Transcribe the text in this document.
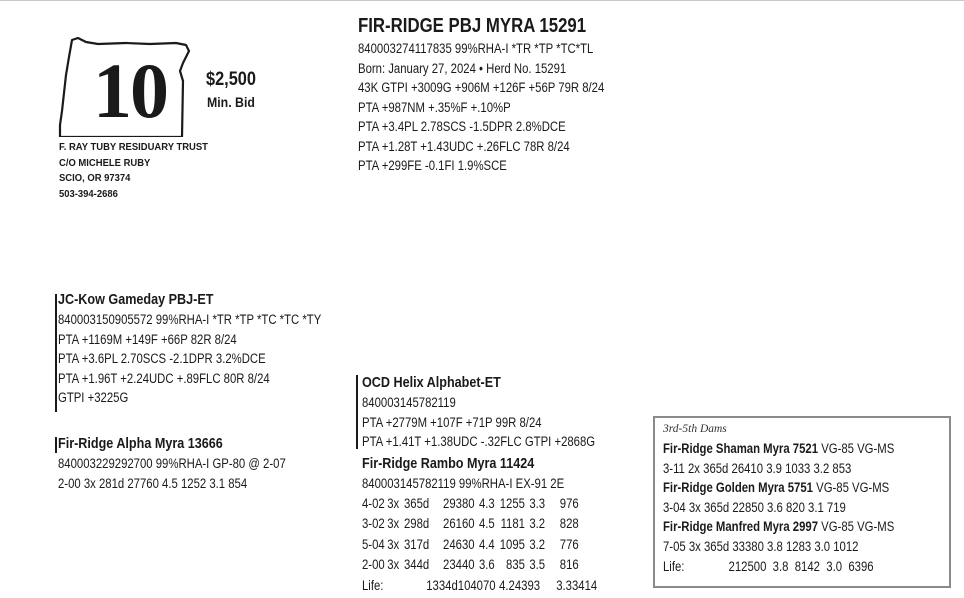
10	$2,500
Min. Bid
F. RAY TUBY RESIDUARY TRUST
C/O MICHELE RUBY
SCIO, OR 97374
503-394-2686
FIR-RIDGE PBJ MYRA 15291
840003274117835 99%RHA-I *TR *TP *TC*TL
Born: January 27, 2024 • Herd No. 15291
43K GTPI +3009G +906M +126F +56P 79R 8/24
PTA +987NM +.35%F +.10%P
PTA +3.4PL 2.78SCS -1.5DPR 2.8%DCE
PTA +1.28T +1.43UDC +.26FLC 78R 8/24
PTA +299FE -0.1FI 1.9%SCE
JC-Kow Gameday PBJ-ET
840003150905572 99%RHA-I *TR *TP *TC *TC *TY
PTA +1169M +149F +66P 82R 8/24
PTA +3.6PL 2.70SCS -2.1DPR 3.2%DCE
PTA +1.96T +2.24UDC +.89FLC 80R 8/24
GTPI +3225G
Fir-Ridge Alpha Myra 13666
840003229292700 99%RHA-I GP-80 @ 2-07
2-00 3x 281d 27760 4.5 1252 3.1 854
OCD Helix Alphabet-ET
840003145782119
PTA +2779M +107F +71P 99R 8/24
PTA +1.41T +1.38UDC -.32FLC GTPI +2868G
Fir-Ridge Rambo Myra 11424
840003145782119 99%RHA-I EX-91 2E
4-02 3x 365d	29380 4.3 1255 3.3	976
3-02 3x 298d	26160 4.5 1181 3.2	828
5-04 3x 317d	24630 4.4 1095 3.2	776
2-00 3x 344d	23440 3.6 835 3.5	816
Life:	1334d 104070 4.2 4393	3.3 3414
3rd-5th Dams
Fir-Ridge Shaman Myra 7521 VG-85 VG-MS
3-11 2x 365d 26410 3.9 1033 3.2 853
Fir-Ridge Golden Myra 5751 VG-85 VG-MS
3-04 3x 365d 22850 3.6 820 3.1 719
Fir-Ridge Manfred Myra 2997 VG-85 VG-MS
7-05 3x 365d 33380 3.8 1283 3.0 1012
Life:              212500  3.8  8142  3.0  6396
